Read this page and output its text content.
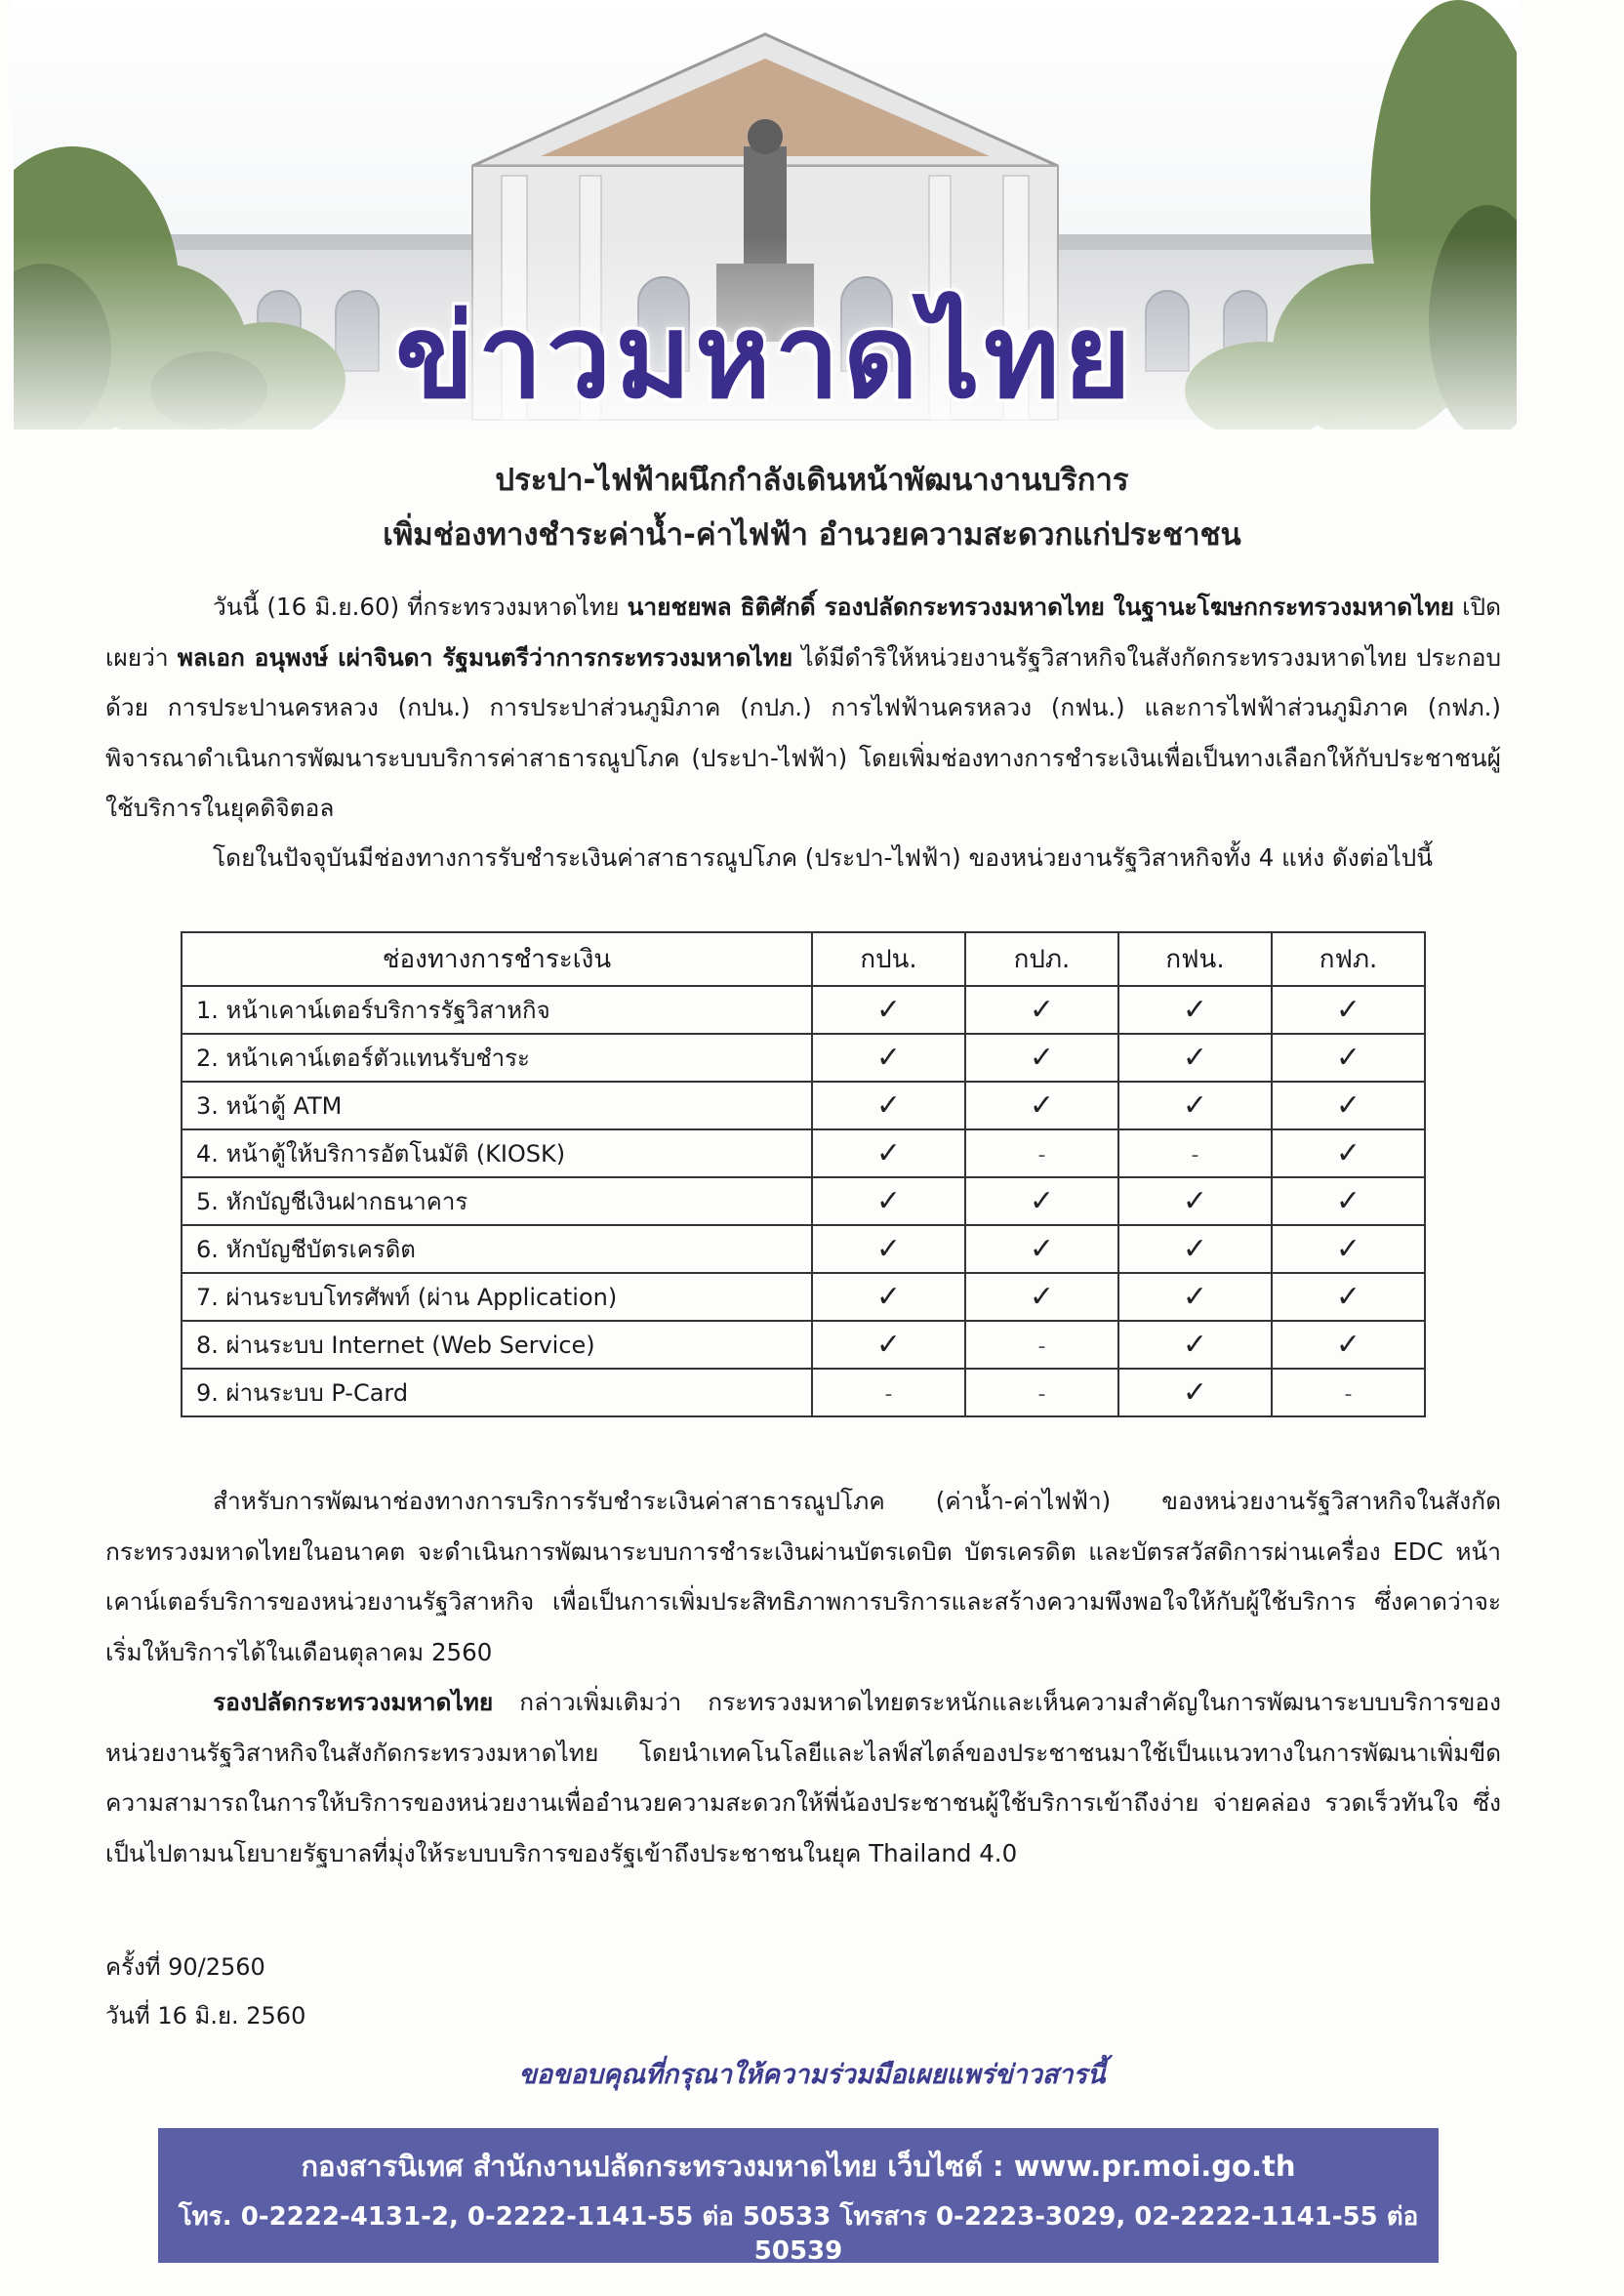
ข่าวมหาดไทย
ประปา-ไฟฟ้าผนึกกำลังเดินหน้าพัฒนางานบริการ
เพิ่มช่องทางชำระค่าน้ำ-ค่าไฟฟ้า อำนวยความสะดวกแก่ประชาชน
วันนี้ (16 มิ.ย.60) ที่กระทรวงมหาดไทย นายชยพล ธิติศักดิ์ รองปลัดกระทรวงมหาดไทย ในฐานะโฆษกกระทรวงมหาดไทย เปิดเผยว่า พลเอก อนุพงษ์ เผ่าจินดา รัฐมนตรีว่าการกระทรวงมหาดไทย ได้มีดำริให้หน่วยงานรัฐวิสาหกิจในสังกัดกระทรวงมหาดไทย ประกอบด้วย การประปานครหลวง (กปน.) การประปาส่วนภูมิภาค (กปภ.) การไฟฟ้านครหลวง (กฟน.) และการไฟฟ้าส่วนภูมิภาค (กฟภ.) พิจารณาดำเนินการพัฒนาระบบบริการค่าสาธารณูปโภค (ประปา-ไฟฟ้า) โดยเพิ่มช่องทางการชำระเงินเพื่อเป็นทางเลือกให้กับประชาชนผู้ใช้บริการในยุคดิจิตอล
โดยในปัจจุบันมีช่องทางการรับชำระเงินค่าสาธารณูปโภค (ประปา-ไฟฟ้า) ของหน่วยงานรัฐวิสาหกิจทั้ง 4 แห่ง ดังต่อไปนี้
ช่องทางการชำระเงิน	กปน.	กปภ.	กฟน.	กฟภ.
1. หน้าเคาน์เตอร์บริการรัฐวิสาหกิจ	✓	✓	✓	✓
2. หน้าเคาน์เตอร์ตัวแทนรับชำระ	✓	✓	✓	✓
3. หน้าตู้ ATM	✓	✓	✓	✓
4. หน้าตู้ให้บริการอัตโนมัติ (KIOSK)	✓	-	-	✓
5. หักบัญชีเงินฝากธนาคาร	✓	✓	✓	✓
6. หักบัญชีบัตรเครดิต	✓	✓	✓	✓
7. ผ่านระบบโทรศัพท์ (ผ่าน Application)	✓	✓	✓	✓
8. ผ่านระบบ Internet (Web Service)	✓	-	✓	✓
9. ผ่านระบบ P-Card	-	-	✓	-
สำหรับการพัฒนาช่องทางการบริการรับชำระเงินค่าสาธารณูปโภค (ค่าน้ำ-ค่าไฟฟ้า) ของหน่วยงานรัฐวิสาหกิจในสังกัดกระทรวงมหาดไทยในอนาคต จะดำเนินการพัฒนาระบบการชำระเงินผ่านบัตรเดบิต บัตรเครดิต และบัตรสวัสดิการผ่านเครื่อง EDC หน้าเคาน์เตอร์บริการของหน่วยงานรัฐวิสาหกิจ เพื่อเป็นการเพิ่มประสิทธิภาพการบริการและสร้างความพึงพอใจให้กับผู้ใช้บริการ ซึ่งคาดว่าจะเริ่มให้บริการได้ในเดือนตุลาคม 2560
รองปลัดกระทรวงมหาดไทย กล่าวเพิ่มเติมว่า กระทรวงมหาดไทยตระหนักและเห็นความสำคัญในการพัฒนาระบบบริการของหน่วยงานรัฐวิสาหกิจในสังกัดกระทรวงมหาดไทย โดยนำเทคโนโลยีและไลฟ์สไตล์ของประชาชนมาใช้เป็นแนวทางในการพัฒนาเพิ่มขีดความสามารถในการให้บริการของหน่วยงานเพื่ออำนวยความสะดวกให้พี่น้องประชาชนผู้ใช้บริการเข้าถึงง่าย จ่ายคล่อง รวดเร็วทันใจ ซึ่งเป็นไปตามนโยบายรัฐบาลที่มุ่งให้ระบบบริการของรัฐเข้าถึงประชาชนในยุค Thailand 4.0
ครั้งที่ 90/2560
วันที่ 16 มิ.ย. 2560
ขอขอบคุณที่กรุณาให้ความร่วมมือเผยแพร่ข่าวสารนี้
กองสารนิเทศ สำนักงานปลัดกระทรวงมหาดไทย เว็บไซต์ : www.pr.moi.go.th
โทร. 0-2222-4131-2, 0-2222-1141-55 ต่อ 50533 โทรสาร 0-2223-3029, 02-2222-1141-55 ต่อ 50539
